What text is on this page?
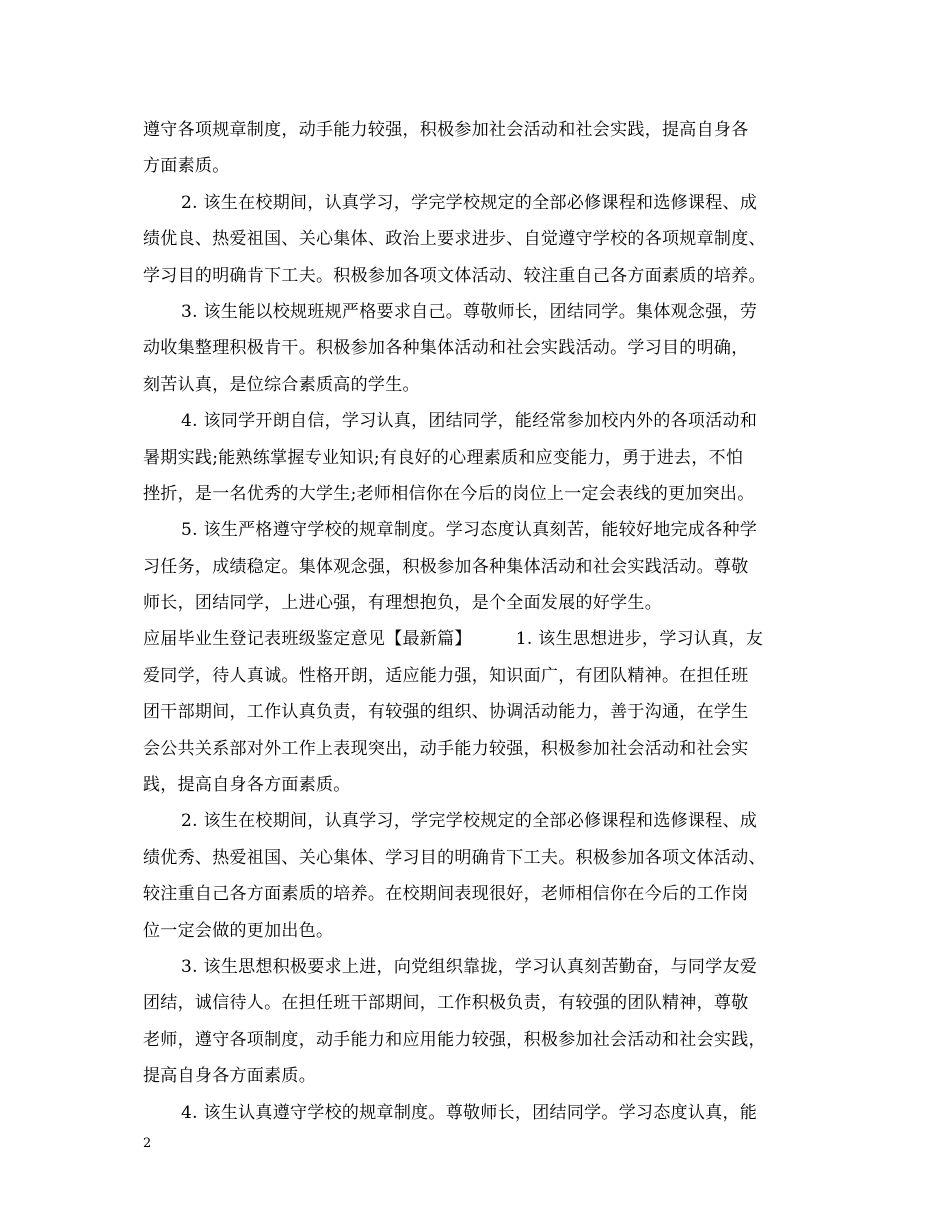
遵守各项规章制度，动手能力较强，积极参加社会活动和社会实践，提高自身各
方面素质。
2. 该生在校期间，认真学习，学完学校规定的全部必修课程和选修课程、成
绩优良、热爱祖国、关心集体、政治上要求进步、自觉遵守学校的各项规章制度、
学习目的明确肯下工夫。积极参加各项文体活动、较注重自己各方面素质的培养。
3. 该生能以校规班规严格要求自己。尊敬师长，团结同学。集体观念强，劳
动收集整理积极肯干。积极参加各种集体活动和社会实践活动。学习目的明确，
刻苦认真，是位综合素质高的学生。
4. 该同学开朗自信，学习认真，团结同学，能经常参加校内外的各项活动和
暑期实践;能熟练掌握专业知识;有良好的心理素质和应变能力，勇于进去，不怕
挫折，是一名优秀的大学生;老师相信你在今后的岗位上一定会表线的更加突出。
5. 该生严格遵守学校的规章制度。学习态度认真刻苦，能较好地完成各种学
习任务，成绩稳定。集体观念强，积极参加各种集体活动和社会实践活动。尊敬
师长，团结同学，上进心强，有理想抱负，是个全面发展的好学生。
应届毕业生登记表班级鉴定意见【最新篇】	1. 该生思想进步，学习认真，友
爱同学，待人真诚。性格开朗，适应能力强，知识面广，有团队精神。在担任班
团干部期间，工作认真负责，有较强的组织、协调活动能力，善于沟通，在学生
会公共关系部对外工作上表现突出，动手能力较强，积极参加社会活动和社会实
践，提高自身各方面素质。
2. 该生在校期间，认真学习，学完学校规定的全部必修课程和选修课程、成
绩优秀、热爱祖国、关心集体、学习目的明确肯下工夫。积极参加各项文体活动、
较注重自己各方面素质的培养。在校期间表现很好，老师相信你在今后的工作岗
位一定会做的更加出色。
3. 该生思想积极要求上进，向党组织靠拢，学习认真刻苦勤奋，与同学友爱
团结，诚信待人。在担任班干部期间，工作积极负责，有较强的团队精神，尊敬
老师，遵守各项制度，动手能力和应用能力较强，积极参加社会活动和社会实践，
提高自身各方面素质。
4. 该生认真遵守学校的规章制度。尊敬师长，团结同学。学习态度认真，能
2
